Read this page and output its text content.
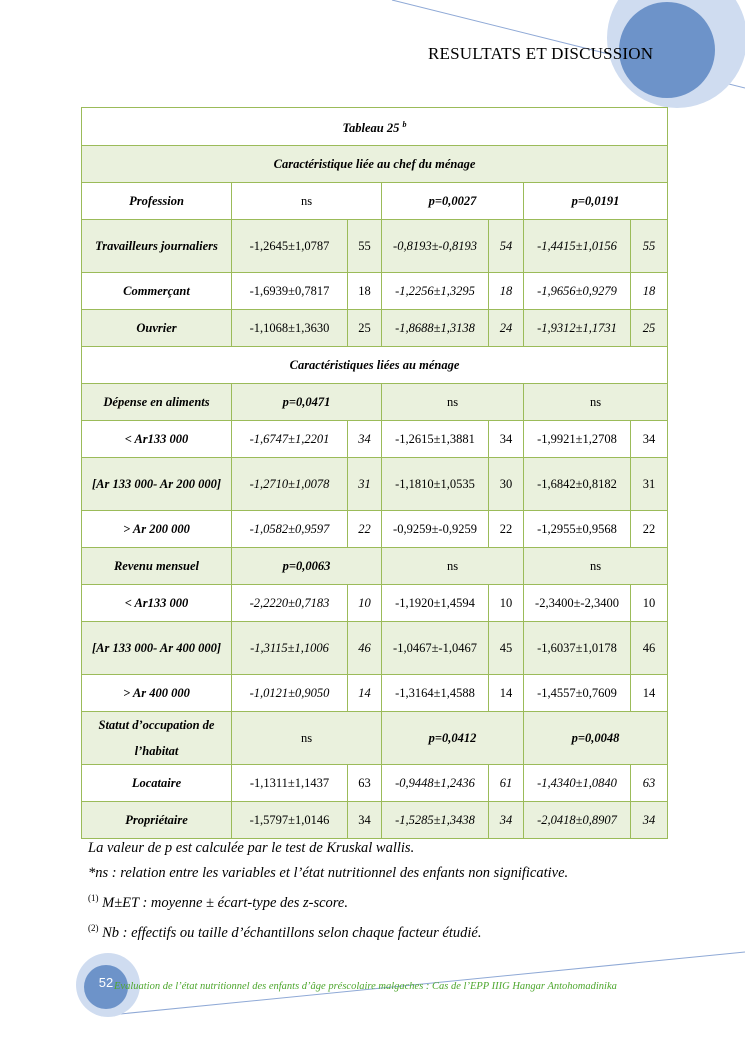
RESULTATS ET DISCUSSION
Tableau 25 $^b$
Caractéristique liée au chef du ménage						
Profession	ns		p=0,0027		p=0,0191	
Travailleurs journaliers	-1,2645±1,0787	55	-0,8193±-0,8193	54	-1,4415±1,0156	55
Commerçant	-1,6939±0,7817	18	-1,2256±1,3295	18	-1,9656±0,9279	18
Ouvrier	-1,1068±1,3630	25	-1,8688±1,3138	24	-1,9312±1,1731	25
Caractéristiques liées au ménage						
Dépense en aliments	p=0,0471		ns		ns	
< Ar133 000	-1,6747±1,2201	34	-1,2615±1,3881	34	-1,9921±1,2708	34
[Ar 133 000- Ar 200 000]	-1,2710±1,0078	31	-1,1810±1,0535	30	-1,6842±0,8182	31
> Ar 200 000	-1,0582±0,9597	22	-0,9259±-0,9259	22	-1,2955±0,9568	22
Revenu mensuel	p=0,0063		ns		ns	
< Ar133 000	-2,2220±0,7183	10	-1,1920±1,4594	10	-2,3400±-2,3400	10
[Ar 133 000- Ar 400 000]	-1,3115±1,1006	46	-1,0467±-1,0467	45	-1,6037±1,0178	46
> Ar 400 000	-1,0121±0,9050	14	-1,3164±1,4588	14	-1,4557±0,7609	14
Statut d’occupation de l’habitat	ns		p=0,0412		p=0,0048	
Locataire	-1,1311±1,1437	63	-0,9448±1,2436	61	-1,4340±1,0840	63
Propriétaire	-1,5797±1,0146	34	-1,5285±1,3438	34	-2,0418±0,8907	34
La valeur de p est calculée par le test de Kruskal wallis.
*ns : relation entre les variables et l’état nutritionnel des enfants non significative.
$^{(1)}$ M±ET : moyenne ± écart-type des z-score.
$^{(2)}$ Nb : effectifs ou taille d’échantillons selon chaque facteur étudié.
52 Evaluation de l’état nutritionnel des enfants d’âge préscolaire malgaches : Cas de l’EPP IIIG Hangar Antohomadinika
